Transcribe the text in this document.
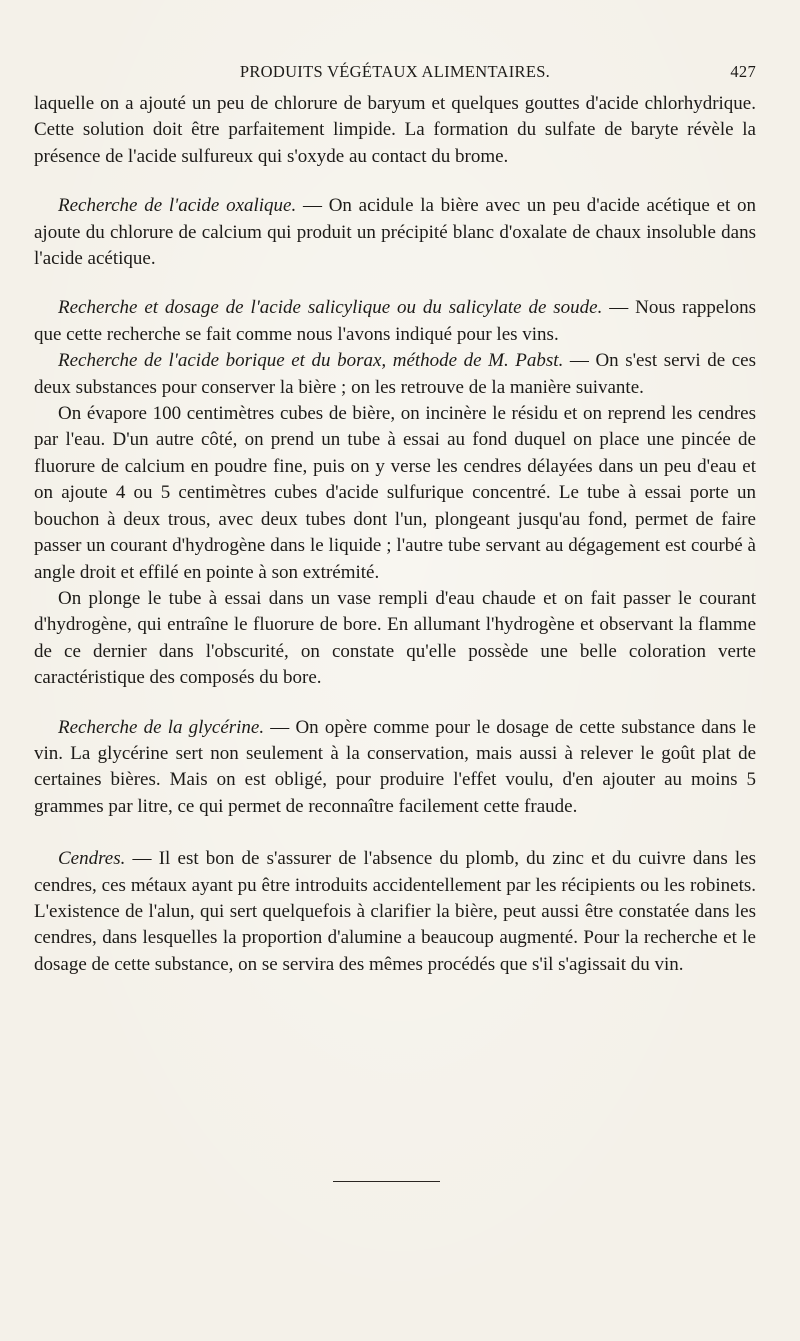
PRODUITS VÉGÉTAUX ALIMENTAIRES.	427

laquelle on a ajouté un peu de chlorure de baryum et quelques gouttes d'acide chlorhydrique. Cette solution doit être parfaitement limpide. La formation du sulfate de baryte révèle la présence de l'acide sulfureux qui s'oxyde au contact du brome.

Recherche de l'acide oxalique. — On acidule la bière avec un peu d'acide acétique et on ajoute du chlorure de calcium qui produit un précipité blanc d'oxalate de chaux insoluble dans l'acide acétique.

Recherche et dosage de l'acide salicylique ou du salicylate de soude. — Nous rappelons que cette recherche se fait comme nous l'avons indiqué pour les vins.

Recherche de l'acide borique et du borax, méthode de M. Pabst. — On s'est servi de ces deux substances pour conserver la bière ; on les retrouve de la manière suivante.

On évapore 100 centimètres cubes de bière, on incinère le résidu et on reprend les cendres par l'eau. D'un autre côté, on prend un tube à essai au fond duquel on place une pincée de fluorure de calcium en poudre fine, puis on y verse les cendres délayées dans un peu d'eau et on ajoute 4 ou 5 centimètres cubes d'acide sulfurique concentré. Le tube à essai porte un bouchon à deux trous, avec deux tubes dont l'un, plongeant jusqu'au fond, permet de faire passer un courant d'hydrogène dans le liquide ; l'autre tube servant au dégagement est courbé à angle droit et effilé en pointe à son extrémité.

On plonge le tube à essai dans un vase rempli d'eau chaude et on fait passer le courant d'hydrogène, qui entraîne le fluorure de bore. En allumant l'hydrogène et observant la flamme de ce dernier dans l'obscurité, on constate qu'elle possède une belle coloration verte caractéristique des composés du bore.

Recherche de la glycérine. — On opère comme pour le dosage de cette substance dans le vin. La glycérine sert non seulement à la conservation, mais aussi à relever le goût plat de certaines bières. Mais on est obligé, pour produire l'effet voulu, d'en ajouter au moins 5 grammes par litre, ce qui permet de reconnaître facilement cette fraude.

Cendres. — Il est bon de s'assurer de l'absence du plomb, du zinc et du cuivre dans les cendres, ces métaux ayant pu être introduits accidentellement par les récipients ou les robinets. L'existence de l'alun, qui sert quelquefois à clarifier la bière, peut aussi être constatée dans les cendres, dans lesquelles la proportion d'alumine a beaucoup augmenté. Pour la recherche et le dosage de cette substance, on se servira des mêmes procédés que s'il s'agissait du vin.
